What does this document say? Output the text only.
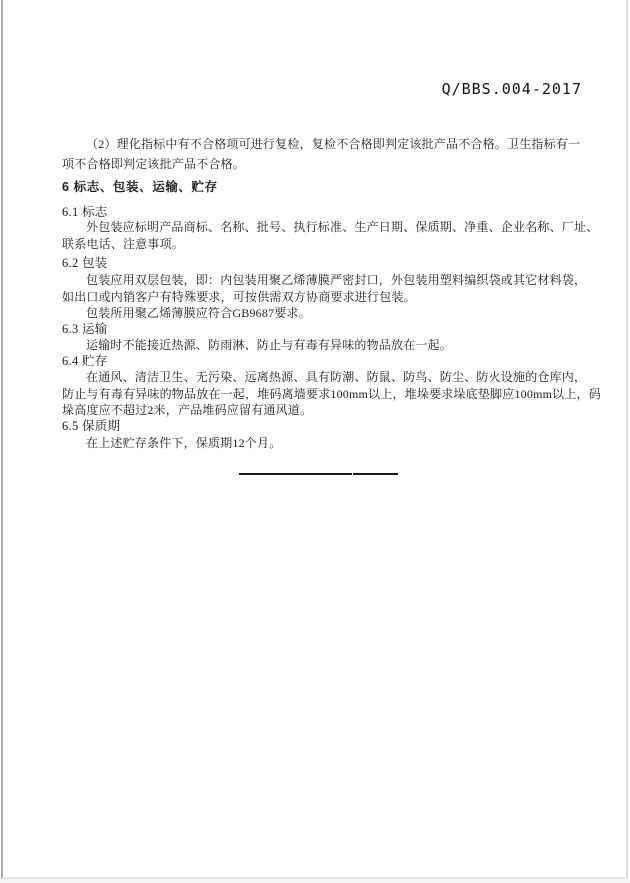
Q/BBS.004-2017
（2）理化指标中有不合格项可进行复检，复检不合格即判定该批产品不合格。卫生指标有一
项不合格即判定该批产品不合格。
6 标志、包装、运输、贮存
6.1 标志
外包装应标明产品商标、名称、批号、执行标准、生产日期、保质期、净重、企业名称、厂址、
联系电话、注意事项。
6.2 包装
包装应用双层包装，即：内包装用聚乙烯薄膜严密封口，外包装用塑料编织袋或其它材料袋，
如出口或内销客户有特殊要求，可按供需双方协商要求进行包装。
包装所用聚乙烯薄膜应符合GB9687要求。
6.3 运输
运输时不能接近热源、防雨淋、防止与有毒有异味的物品放在一起。
6.4 贮存
在通风、清洁卫生、无污染、远离热源、具有防潮、防鼠、防鸟、防尘、防火设施的仓库内，
防止与有毒有异味的物品放在一起，堆码离墙要求100mm以上，堆垛要求垛底垫脚应100mm以上，码
垛高度应不超过2米，产品堆码应留有通风道。
6.5 保质期
在上述贮存条件下，保质期12个月。
